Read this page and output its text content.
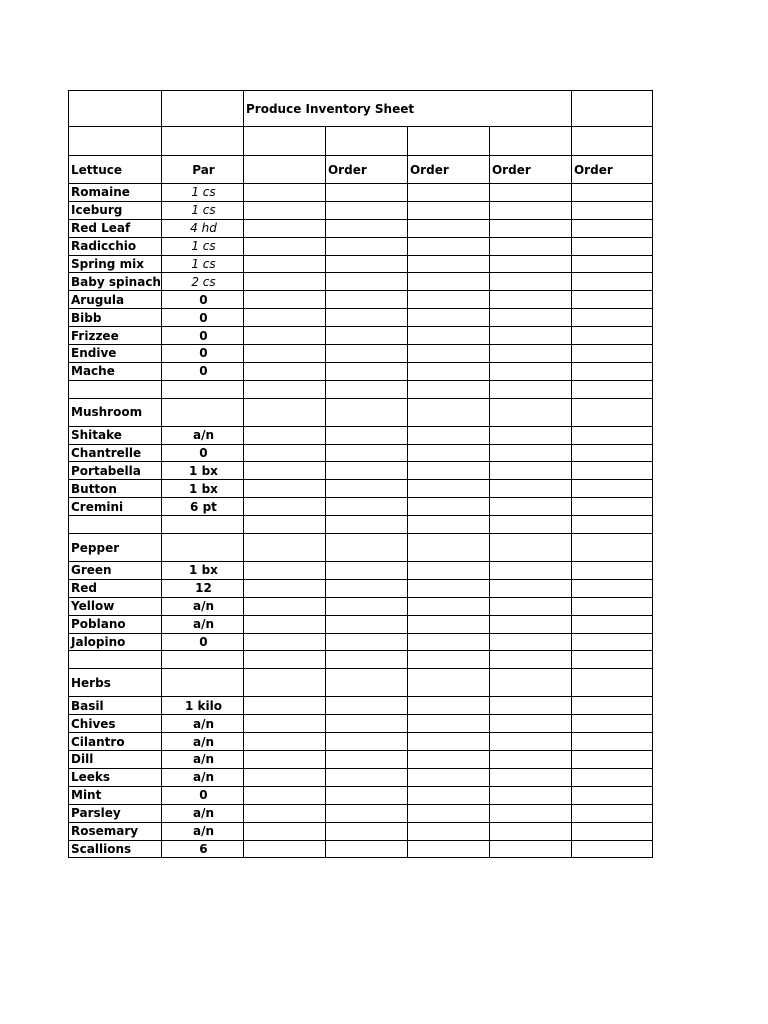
		Produce Inventory Sheet				

Lettuce	Par		Order	Order	Order	Order
Romaine	1 cs					
Iceburg	1 cs					
Red Leaf	4 hd					
Radicchio	1 cs					
Spring mix	1 cs					
Baby spinach	2 cs					
Arugula	0					
Bibb	0					
Frizzee	0					
Endive	0					
Mache	0					

Mushroom						
Shitake	a/n					
Chantrelle	0					
Portabella	1 bx					
Button	1 bx					
Cremini	6 pt					

Pepper						
Green	1 bx					
Red	12					
Yellow	a/n					
Poblano	a/n					
Jalopino	0					

Herbs						
Basil	1 kilo					
Chives	a/n					
Cilantro	a/n					
Dill	a/n					
Leeks	a/n					
Mint	0					
Parsley	a/n					
Rosemary	a/n					
Scallions	6					
